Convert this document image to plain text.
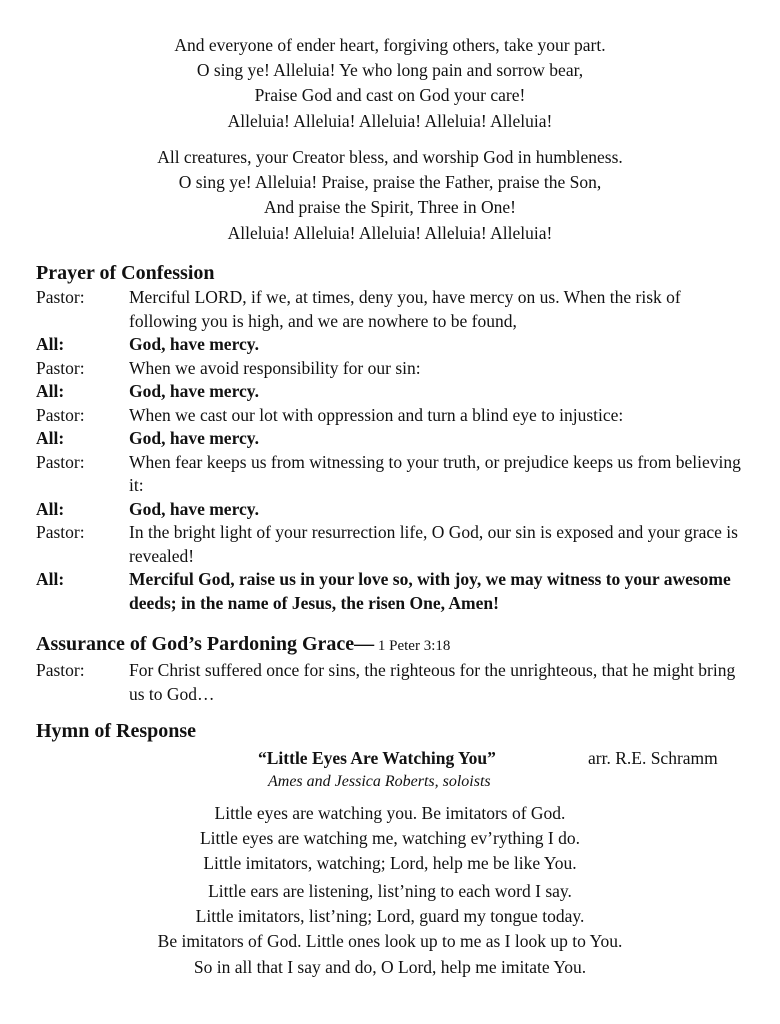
And everyone of ender heart, forgiving others, take your part.
O sing ye! Alleluia! Ye who long pain and sorrow bear,
Praise God and cast on God your care!
Alleluia! Alleluia! Alleluia! Alleluia! Alleluia!
All creatures, your Creator bless, and worship God in humbleness.
O sing ye! Alleluia! Praise, praise the Father, praise the Son,
And praise the Spirit, Three in One!
Alleluia! Alleluia! Alleluia! Alleluia! Alleluia!
Prayer of Confession
Pastor:	Merciful LORD, if we, at times, deny you, have mercy on us. When the risk of following you is high, and we are nowhere to be found,
All:	God, have mercy.
Pastor:	When we avoid responsibility for our sin:
All:	God, have mercy.
Pastor:	When we cast our lot with oppression and turn a blind eye to injustice:
All:	God, have mercy.
Pastor:	When fear keeps us from witnessing to your truth, or prejudice keeps us from believing it:
All:	God, have mercy.
Pastor:	In the bright light of your resurrection life, O God, our sin is exposed and your grace is revealed!
All:	Merciful God, raise us in your love so, with joy, we may witness to your awesome deeds; in the name of Jesus, the risen One, Amen!
Assurance of God’s Pardoning Grace— 1 Peter 3:18
Pastor:	For Christ suffered once for sins, the righteous for the unrighteous, that he might bring us to God…
Hymn of Response
“Little Eyes Are Watching You”	arr. R.E. Schramm
Ames and Jessica Roberts, soloists
Little eyes are watching you. Be imitators of God.
Little eyes are watching me, watching ev’rything I do.
Little imitators, watching; Lord, help me be like You.
Little ears are listening, list’ning to each word I say.
Little imitators, list’ning; Lord, guard my tongue today.
Be imitators of God. Little ones look up to me as I look up to You.
So in all that I say and do, O Lord, help me imitate You.
